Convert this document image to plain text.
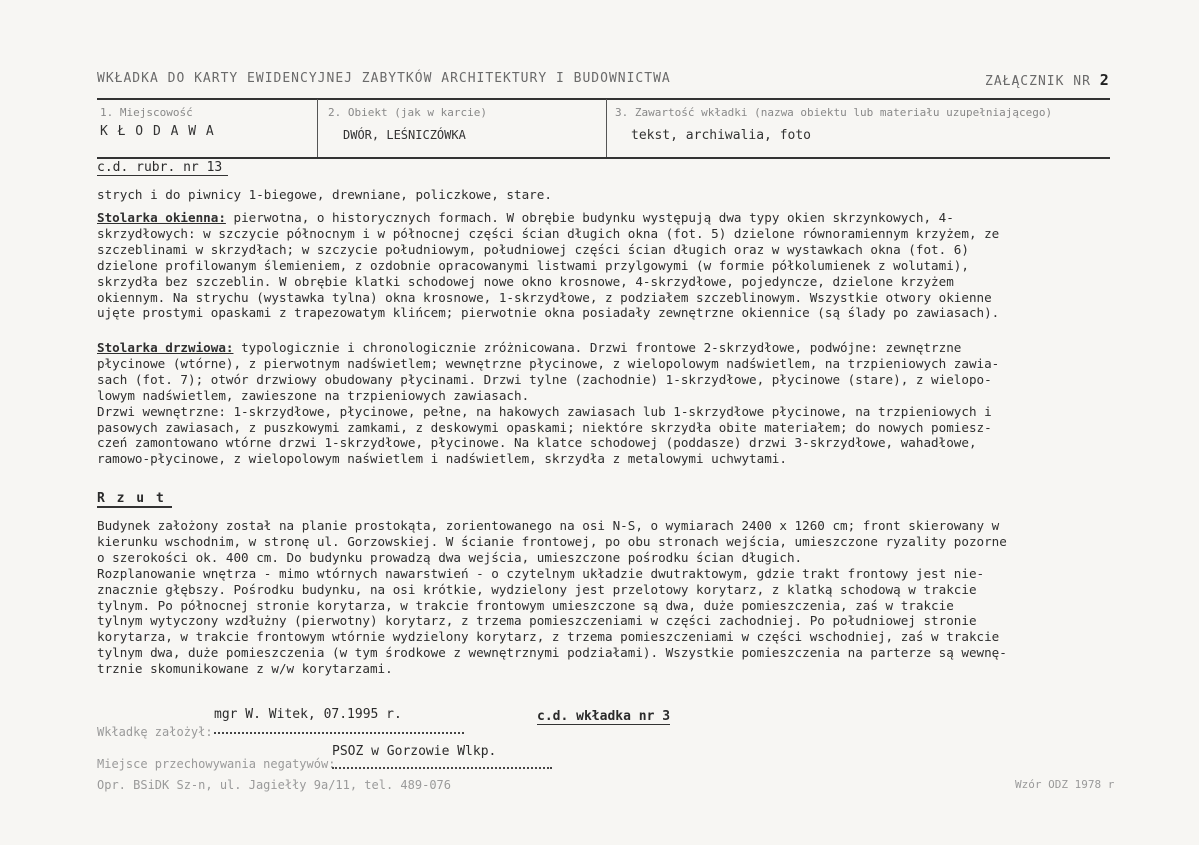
WKŁADKA DO KARTY EWIDENCYJNEJ ZABYTKÓW ARCHITEKTURY I BUDOWNICTWA	ZAŁĄCZNIK NR 2
1. Miejscowość
K Ł O D A W A
2. Obiekt (jak w karcie)
DWÓR, LEŚNICZÓWKA
3. Zawartość wkładki (nazwa obiektu lub materiału uzupełniającego)
tekst, archiwalia, foto
c.d. rubr. nr 13
strych i do piwnicy 1-biegowe, drewniane, policzkowe, stare.
Stolarka okienna: pierwotna, o historycznych formach. W obrębie budynku występują dwa typy okien skrzynkowych, 4-
skrzydłowych: w szczycie północnym i w północnej części ścian długich okna (fot. 5) dzielone równoramiennym krzyżem, ze
szczeblinami w skrzydłach; w szczycie południowym, południowej części ścian długich oraz w wystawkach okna (fot. 6)
dzielone profilowanym ślemieniem, z ozdobnie opracowanymi listwami przylgowymi (w formie półkolumienek z wolutami),
skrzydła bez szczeblin. W obrębie klatki schodowej nowe okno krosnowe, 4-skrzydłowe, pojedyncze, dzielone krzyżem
okiennym. Na strychu (wystawka tylna) okna krosnowe, 1-skrzydłowe, z podziałem szczeblinowym. Wszystkie otwory okienne
ujęte prostymi opaskami z trapezowatym klińcem; pierwotnie okna posiadały zewnętrzne okiennice (są ślady po zawiasach).
Stolarka drzwiowa: typologicznie i chronologicznie zróżnicowana. Drzwi frontowe 2-skrzydłowe, podwójne: zewnętrzne
płycinowe (wtórne), z pierwotnym nadświetlem; wewnętrzne płycinowe, z wielopolowym nadświetlem, na trzpieniowych zawia-
sach (fot. 7); otwór drzwiowy obudowany płycinami. Drzwi tylne (zachodnie) 1-skrzydłowe, płycinowe (stare), z wielopo-
lowym nadświetlem, zawieszone na trzpieniowych zawiasach.
Drzwi wewnętrzne: 1-skrzydłowe, płycinowe, pełne, na hakowych zawiasach lub 1-skrzydłowe płycinowe, na trzpieniowych i
pasowych zawiasach, z puszkowymi zamkami, z deskowymi opaskami; niektóre skrzydła obite materiałem; do nowych pomiesz-
czeń zamontowano wtórne drzwi 1-skrzydłowe, płycinowe. Na klatce schodowej (poddasze) drzwi 3-skrzydłowe, wahadłowe,
ramowo-płycinowe, z wielopolowym naświetlem i nadświetlem, skrzydła z metalowymi uchwytami.
R z u t
Budynek założony został na planie prostokąta, zorientowanego na osi N-S, o wymiarach 2400 x 1260 cm; front skierowany w
kierunku wschodnim, w stronę ul. Gorzowskiej. W ścianie frontowej, po obu stronach wejścia, umieszczone ryzality pozorne
o szerokości ok. 400 cm. Do budynku prowadzą dwa wejścia, umieszczone pośrodku ścian długich.
Rozplanowanie wnętrza - mimo wtórnych nawarstwień - o czytelnym układzie dwutraktowym, gdzie trakt frontowy jest nie-
znacznie głębszy. Pośrodku budynku, na osi krótkie, wydzielony jest przelotowy korytarz, z klatką schodową w trakcie
tylnym. Po północnej stronie korytarza, w trakcie frontowym umieszczone są dwa, duże pomieszczenia, zaś w trakcie
tylnym wytyczony wzdłużny (pierwotny) korytarz, z trzema pomieszczeniami w części zachodniej. Po południowej stronie
korytarza, w trakcie frontowym wtórnie wydzielony korytarz, z trzema pomieszczeniami w części wschodniej, zaś w trakcie
tylnym dwa, duże pomieszczenia (w tym środkowe z wewnętrznymi podziałami). Wszystkie pomieszczenia na parterze są wewnę-
trznie skomunikowane z w/w korytarzami.
Wkładkę założył:
mgr W. Witek, 07.1995 r.	c.d. wkładka nr 3
Miejsce przechowywania negatywów:
PSOZ w Gorzowie Wlkp.
Opr. BSiDK Sz-n, ul. Jagiełły 9a/11, tel. 489-076	Wzór ODZ 1978 r
